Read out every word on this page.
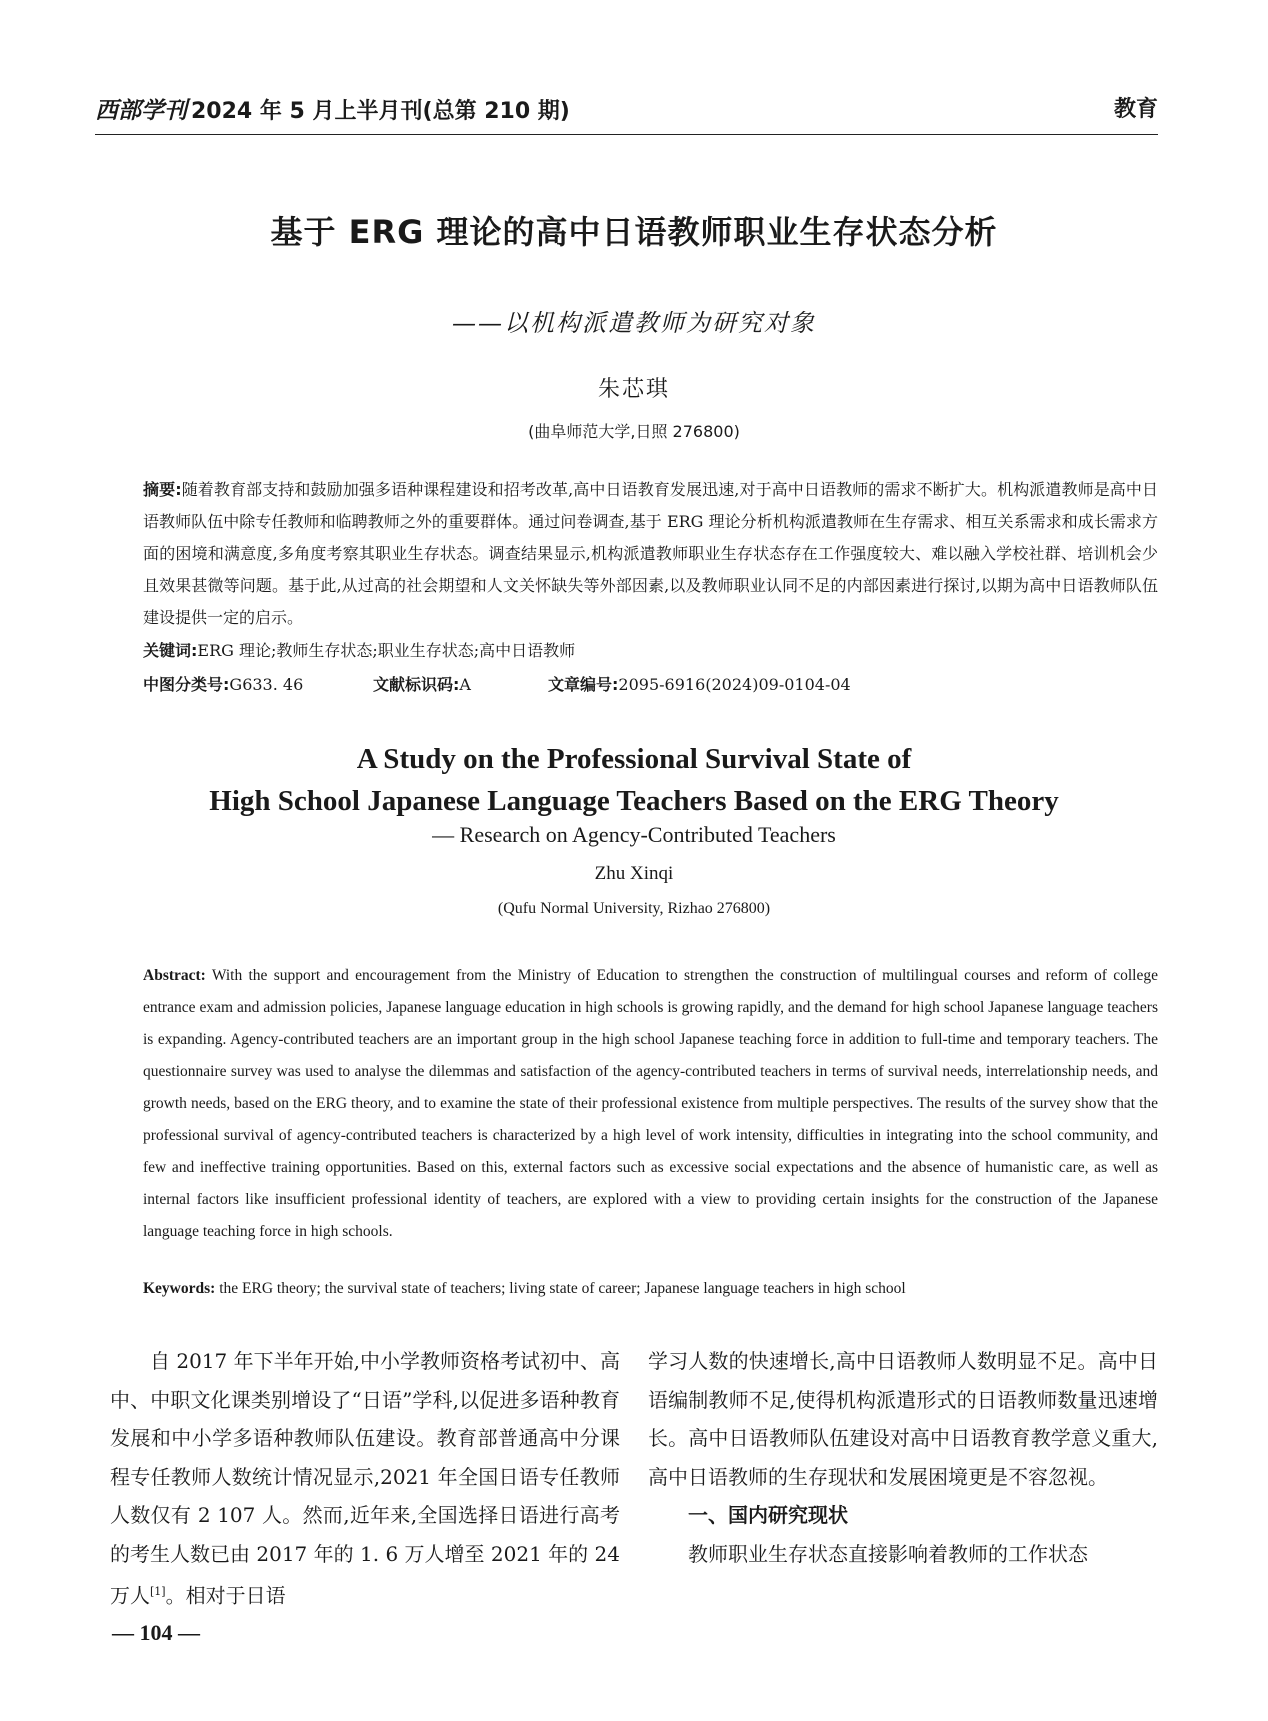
西部学刊 2024 年 5 月上半月刊(总第 210 期)	教育
基于 ERG 理论的高中日语教师职业生存状态分析
——以机构派遣教师为研究对象
朱芯琪
(曲阜师范大学,日照 276800)
摘要:随着教育部支持和鼓励加强多语种课程建设和招考改革,高中日语教育发展迅速,对于高中日语教师的需求不断扩大。机构派遣教师是高中日语教师队伍中除专任教师和临聘教师之外的重要群体。通过问卷调查,基于 ERG 理论分析机构派遣教师在生存需求、相互关系需求和成长需求方面的困境和满意度,多角度考察其职业生存状态。调查结果显示,机构派遣教师职业生存状态存在工作强度较大、难以融入学校社群、培训机会少且效果甚微等问题。基于此,从过高的社会期望和人文关怀缺失等外部因素,以及教师职业认同不足的内部因素进行探讨,以期为高中日语教师队伍建设提供一定的启示。
关键词:ERG 理论;教师生存状态;职业生存状态;高中日语教师
中图分类号:G633. 46	文献标识码:A	文章编号:2095-6916(2024)09-0104-04
A Study on the Professional Survival State of
High School Japanese Language Teachers Based on the ERG Theory
— Research on Agency-Contributed Teachers
Zhu Xinqi
(Qufu Normal University, Rizhao 276800)
Abstract: With the support and encouragement from the Ministry of Education to strengthen the construction of multilingual courses and reform of college entrance exam and admission policies, Japanese language education in high schools is growing rapidly, and the demand for high school Japanese language teachers is expanding. Agency-contributed teachers are an important group in the high school Japanese teaching force in addition to full-time and temporary teachers. The questionnaire survey was used to analyse the dilemmas and satisfaction of the agency-contributed teachers in terms of survival needs, interrelationship needs, and growth needs, based on the ERG theory, and to examine the state of their professional existence from multiple perspectives. The results of the survey show that the professional survival of agency-contributed teachers is characterized by a high level of work intensity, difficulties in integrating into the school community, and few and ineffective training opportunities. Based on this, external factors such as excessive social expectations and the absence of humanistic care, as well as internal factors like insufficient professional identity of teachers, are explored with a view to providing certain insights for the construction of the Japanese language teaching force in high schools.
Keywords: the ERG theory; the survival state of teachers; living state of career; Japanese language teachers in high school
自 2017 年下半年开始,中小学教师资格考试初中、高中、中职文化课类别增设了“日语”学科,以促进多语种教育发展和中小学多语种教师队伍建设。教育部普通高中分课程专任教师人数统计情况显示,2021 年全国日语专任教师人数仅有 2 107 人。然而,近年来,全国选择日语进行高考的考生人数已由 2017 年的 1. 6 万人增至 2021 年的 24 万人[1]。相对于日语
学习人数的快速增长,高中日语教师人数明显不足。高中日语编制教师不足,使得机构派遣形式的日语教师数量迅速增长。高中日语教师队伍建设对高中日语教育教学意义重大,高中日语教师的生存现状和发展困境更是不容忽视。
一、国内研究现状
教师职业生存状态直接影响着教师的工作状态
— 104 —
